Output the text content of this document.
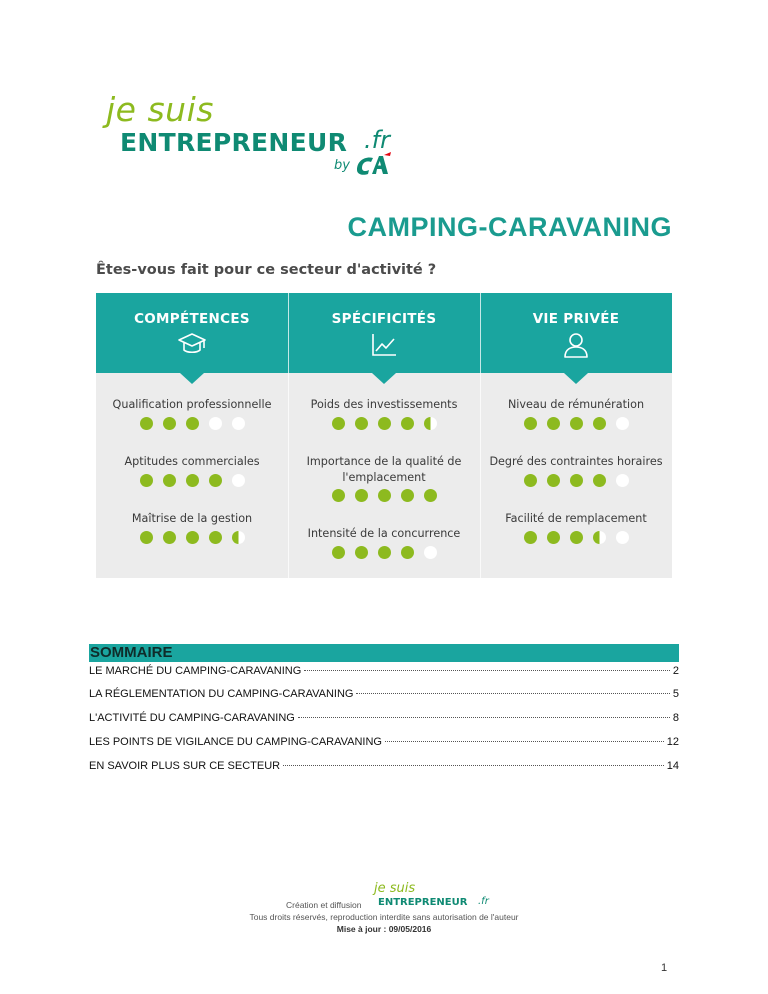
je suis
ENTREPRENEUR .fr
by
CAMPING-CARAVANING
Êtes-vous fait pour ce secteur d'activité ?
COMPÉTENCES	SPÉCIFICITÉS	VIE PRIVÉE
Qualification professionnelle
Aptitudes commerciales
Maîtrise de la gestion
Poids des investissements
Importance de la qualité de l'emplacement
Intensité de la concurrence
Niveau de rémunération
Degré des contraintes horaires
Facilité de remplacement
SOMMAIRE
LE MARCHÉ DU CAMPING-CARAVANING	2
LA RÉGLEMENTATION DU CAMPING-CARAVANING	5
L'ACTIVITÉ DU CAMPING-CARAVANING	8
LES POINTS DE VIGILANCE DU CAMPING-CARAVANING	12
EN SAVOIR PLUS SUR CE SECTEUR	14
Création et diffusion
je suis
ENTREPRENEUR .fr
Tous droits réservés, reproduction interdite sans autorisation de l'auteur
Mise à jour : 09/05/2016
1
